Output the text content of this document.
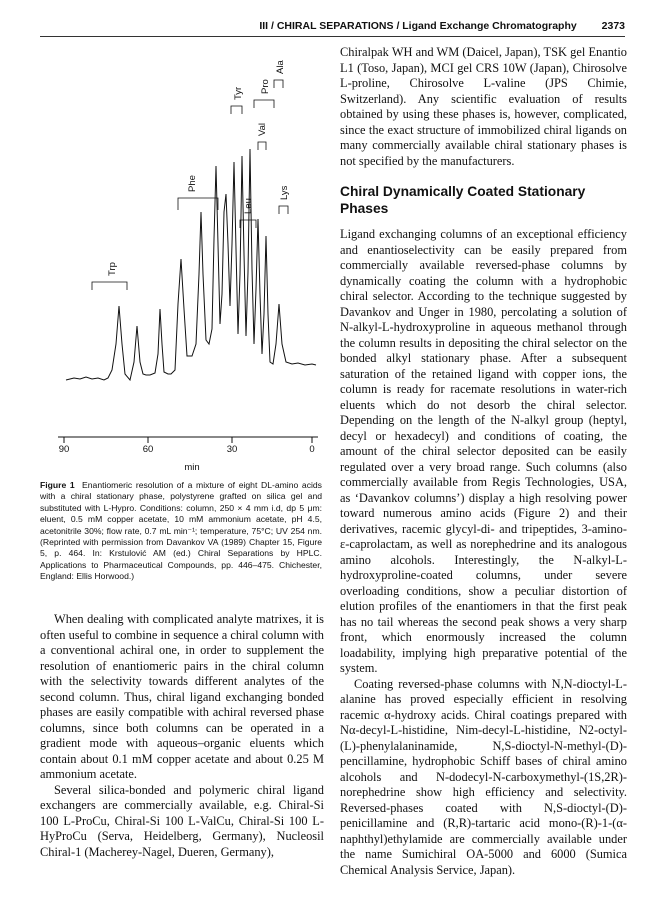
III / CHIRAL SEPARATIONS / Ligand Exchange Chromatography 2373
Trp
Phe
Tyr Pro
Ala
Val
Leu
Lys
90	60	30	0
min
Figure 1 Enantiomeric resolution of a mixture of eight DL-amino acids with a chiral stationary phase, polystyrene grafted on silica gel and substituted with L-Hypro. Conditions: column, 250 × 4 mm i.d, dp 5 μm: eluent, 0.5 mM copper acetate, 10 mM ammonium acetate, pH 4.5, acetonitrile 30%; flow rate, 0.7 mL min⁻¹; temperature, 75°C; UV 254 nm. (Reprinted with permission from Davankov VA (1989) Chapter 15, Figure 5, p. 464. In: Krstulović AM (ed.) Chiral Separations by HPLC. Applications to Pharmaceutical Compounds, pp. 446–475. Chichester, England: Ellis Horwood.)

When dealing with complicated analyte matrixes, it is often useful to combine in sequence a chiral column with a conventional achiral one, in order to supplement the resolution of enantiomeric pairs in the chiral column with the selectivity towards different analytes of the second column. Thus, chiral ligand exchanging bonded phases are easily compatible with achiral reversed phase columns, since both columns can be operated in a gradient mode with aqueous–organic eluents which contain about 0.1 mM copper acetate and about 0.25 M ammonium acetate.

Several silica-bonded and polymeric chiral ligand exchangers are commercially available, e.g. Chiral-Si 100 L-ProCu, Chiral-Si 100 L-ValCu, Chiral-Si 100 L-HyProCu (Serva, Heidelberg, Germany), Nucleosil Chiral-1 (Macherey-Nagel, Dueren, Germany),

Chiralpak WH and WM (Daicel, Japan), TSK gel Enantio L1 (Toso, Japan), MCI gel CRS 10W (Japan), Chirosolve L-proline, Chirosolve L-valine (JPS Chimie, Switzerland). Any scientific evaluation of results obtained by using these phases is, however, complicated, since the exact structure of immobilized chiral ligands on many commercially available chiral stationary phases is not specified by the manufacturers.

Chiral Dynamically Coated Stationary Phases

Ligand exchanging columns of an exceptional efficiency and enantioselectivity can be easily prepared from commercially available reversed-phase columns by dynamically coating the column with a hydrophobic chiral selector. According to the technique suggested by Davankov and Unger in 1980, percolating a solution of N-alkyl-L-hydroxyproline in aqueous methanol through the column results in depositing the chiral selector on the bonded alkyl stationary phase. After a subsequent saturation of the retained ligand with copper ions, the column is ready for racemate resolutions in water-rich eluents which do not desorb the chiral selector. Depending on the length of the N-alkyl group (heptyl, decyl or hexadecyl) and conditions of coating, the amount of the chiral selector deposited can be easily regulated over a very broad range. Such columns (also commercially available from Regis Technologies, USA, as ‘Davankov columns’) display a high resolving power toward numerous amino acids (Figure 2) and their derivatives, racemic glycyl-di- and tripeptides, 3-amino-ε-caprolactam, as well as norephedrine and its analogous amino alcohols. Interestingly, the N-alkyl-L-hydroxyproline-coated columns, under severe overloading conditions, show a peculiar distortion of elution profiles of the enantiomers in that the first peak has no tail whereas the second peak shows a very sharp front, which enormously increased the column loadability, implying high preparative potential of the system.

Coating reversed-phase columns with N,N-dioctyl-L-alanine has proved especially efficient in resolving racemic α-hydroxy acids. Chiral coatings prepared with Nα-decyl-L-histidine, Nim-decyl-L-histidine, N2-octyl-(L)-phenylalaninamide, N,S-dioctyl-N-methyl-(D)-pencillamine, hydrophobic Schiff bases of chiral amino alcohols and N-dodecyl-N-carboxymethyl-(1S,2R)-norephedrine show high efficiency and selectivity. Reversed-phases coated with N,S-dioctyl-(D)-penicillamine and (R,R)-tartaric acid mono-(R)-1-(α-naphthyl)ethylamide are commercially available under the name Sumichiral OA-5000 and 6000 (Sumica Chemical Analysis Service, Japan).
